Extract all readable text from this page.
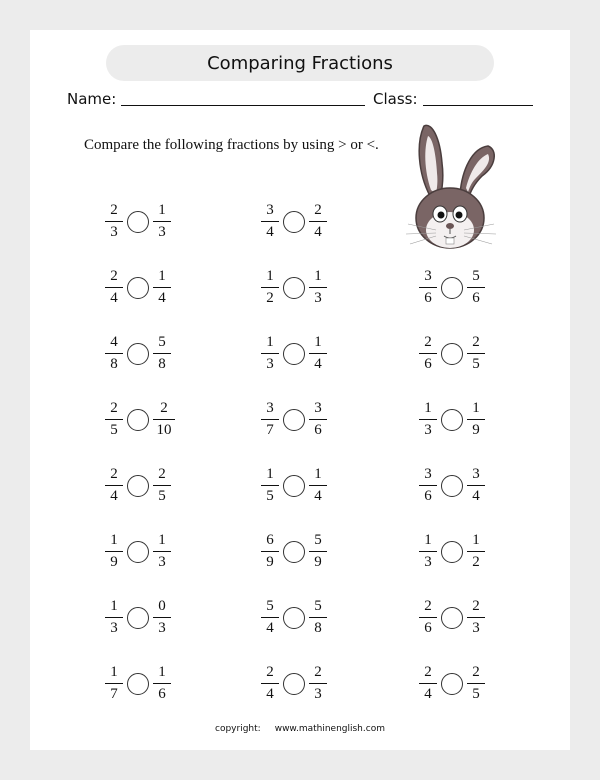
Comparing Fractions
Name:	Class:
Compare the following fractions by using > or <.
2
3
1
3
2
4
1
4
4
8
5
8
2
5
2
10
2
4
2
5
1
9
1
3
1
3
0
3
1
7
1
6
3
4
2
4
1
2
1
3
1
3
1
4
3
7
3
6
1
5
1
4
6
9
5
9
5
4
5
8
2
4
2
3
3
6
5
6
2
6
2
5
1
3
1
9
3
6
3
4
1
3
1
2
2
6
2
3
2
4
2
5
copyright: www.mathinenglish.com
